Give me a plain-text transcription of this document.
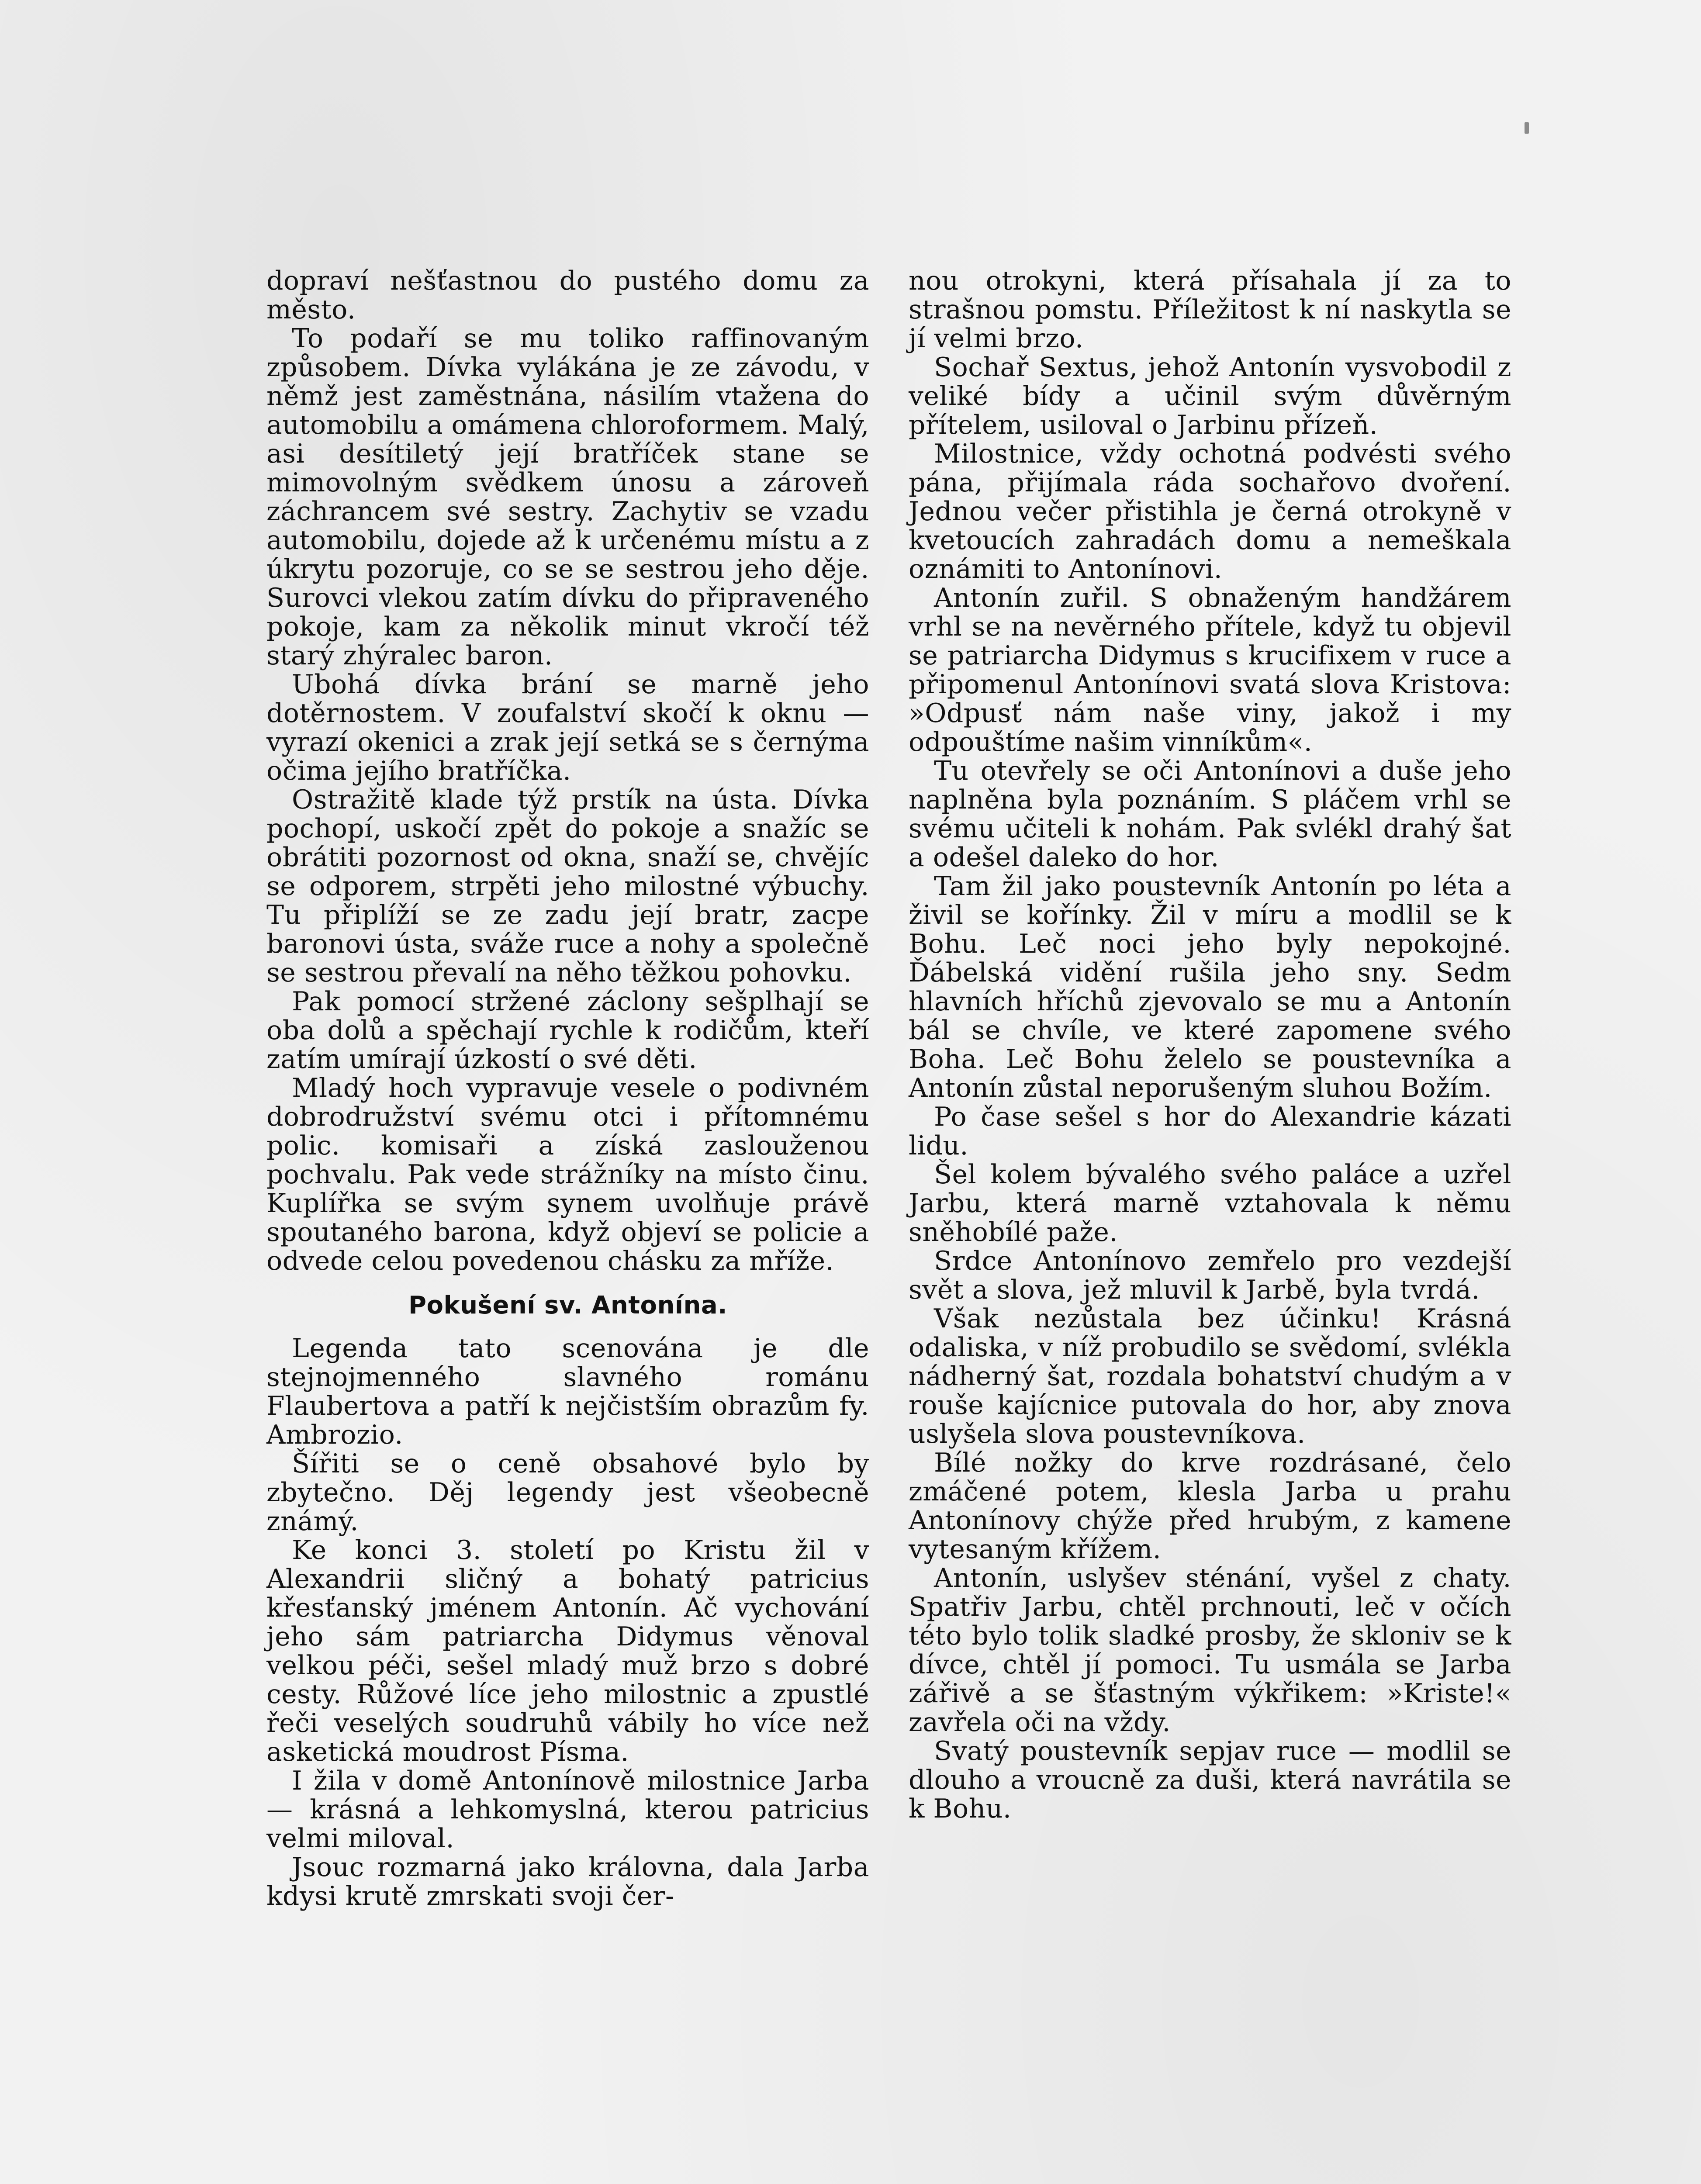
dopraví nešťastnou do pustého domu za město.

To podaří se mu toliko raffinovaným způsobem. Dívka vylákána je ze závodu, v němž jest zaměstnána, násilím vtažena do automobilu a omámena chloroformem. Malý, asi desítiletý její bratříček stane se mimovolným svědkem únosu a zároveň záchrancem své sestry. Zachytiv se vzadu automobilu, dojede až k určenému místu a z úkrytu pozoruje, co se se sestrou jeho děje. Surovci vlekou zatím dívku do připraveného pokoje, kam za několik minut vkročí též starý zhýralec baron.

Ubohá dívka brání se marně jeho dotěrnostem. V zoufalství skočí k oknu — vyrazí okenici a zrak její setká se s černýma očima jejího bratříčka.

Ostražitě klade týž prstík na ústa. Dívka pochopí, uskočí zpět do pokoje a snažíc se obrátiti pozornost od okna, snaží se, chvějíc se odporem, strpěti jeho milostné výbuchy. Tu připlíží se ze zadu její bratr, zacpe baronovi ústa, sváže ruce a nohy a společně se sestrou převalí na něho těžkou pohovku.

Pak pomocí stržené záclony sešplhají se oba dolů a spěchají rychle k rodičům, kteří zatím umírají úzkostí o své děti.

Mladý hoch vypravuje vesele o podivném dobrodružství svému otci i přítomnému polic. komisaři a získá zaslouženou pochvalu. Pak vede strážníky na místo činu. Kuplířka se svým synem uvolňuje právě spoutaného barona, když objeví se policie a odvede celou povedenou chásku za mříže.

Pokušení sv. Antonína.

Legenda tato scenována je dle stejnojmenného slavného románu Flaubertova a patří k nejčistším obrazům fy. Ambrozio.

Šířiti se o ceně obsahové bylo by zbytečno. Děj legendy jest všeobecně známý.

Ke konci 3. století po Kristu žil v Alexandrii sličný a bohatý patricius křesťanský jménem Antonín. Ač vychování jeho sám patriarcha Didymus věnoval velkou péči, sešel mladý muž brzo s dobré cesty. Růžové líce jeho milostnic a zpustlé řeči veselých soudruhů vábily ho více než asketická moudrost Písma.

I žila v domě Antonínově milostnice Jarba — krásná a lehkomyslná, kterou patricius velmi miloval.

Jsouc rozmarná jako královna, dala Jarba kdysi krutě zmrskati svoji čer-

nou otrokyni, která přísahala jí za to strašnou pomstu. Příležitost k ní naskytla se jí velmi brzo.

Sochař Sextus, jehož Antonín vysvobodil z veliké bídy a učinil svým důvěrným přítelem, usiloval o Jarbinu přízeň.

Milostnice, vždy ochotná podvésti svého pána, přijímala ráda sochařovo dvoření. Jednou večer přistihla je černá otrokyně v kvetoucích zahradách domu a nemeškala oznámiti to Antonínovi.

Antonín zuřil. S obnaženým handžárem vrhl se na nevěrného přítele, když tu objevil se patriarcha Didymus s krucifixem v ruce a připomenul Antonínovi svatá slova Kristova: »Odpusť nám naše viny, jakož i my odpouštíme našim vinníkům«.

Tu otevřely se oči Antonínovi a duše jeho naplněna byla poznáním. S pláčem vrhl se svému učiteli k nohám. Pak svlékl drahý šat a odešel daleko do hor.

Tam žil jako poustevník Antonín po léta a živil se kořínky. Žil v míru a modlil se k Bohu. Leč noci jeho byly nepokojné. Ďábelská vidění rušila jeho sny. Sedm hlavních hříchů zjevovalo se mu a Antonín bál se chvíle, ve které zapomene svého Boha. Leč Bohu želelo se poustevníka a Antonín zůstal neporušeným sluhou Božím.

Po čase sešel s hor do Alexandrie kázati lidu.

Šel kolem bývalého svého paláce a uzřel Jarbu, která marně vztahovala k němu sněhobílé paže.

Srdce Antonínovo zemřelo pro vezdejší svět a slova, jež mluvil k Jarbě, byla tvrdá.

Však nezůstala bez účinku! Krásná odaliska, v níž probudilo se svědomí, svlékla nádherný šat, rozdala bohatství chudým a v rouše kajícnice putovala do hor, aby znova uslyšela slova poustevníkova.

Bílé nožky do krve rozdrásané, čelo zmáčené potem, klesla Jarba u prahu Antonínovy chýže před hrubým, z kamene vytesaným křížem.

Antonín, uslyšev sténání, vyšel z chaty. Spatřiv Jarbu, chtěl prchnouti, leč v očích této bylo tolik sladké prosby, že skloniv se k dívce, chtěl jí pomoci. Tu usmála se Jarba zářivě a se šťastným výkřikem: »Kriste!« zavřela oči na vždy.

Svatý poustevník sepjav ruce — modlil se dlouho a vroucně za duši, která navrátila se k Bohu.
